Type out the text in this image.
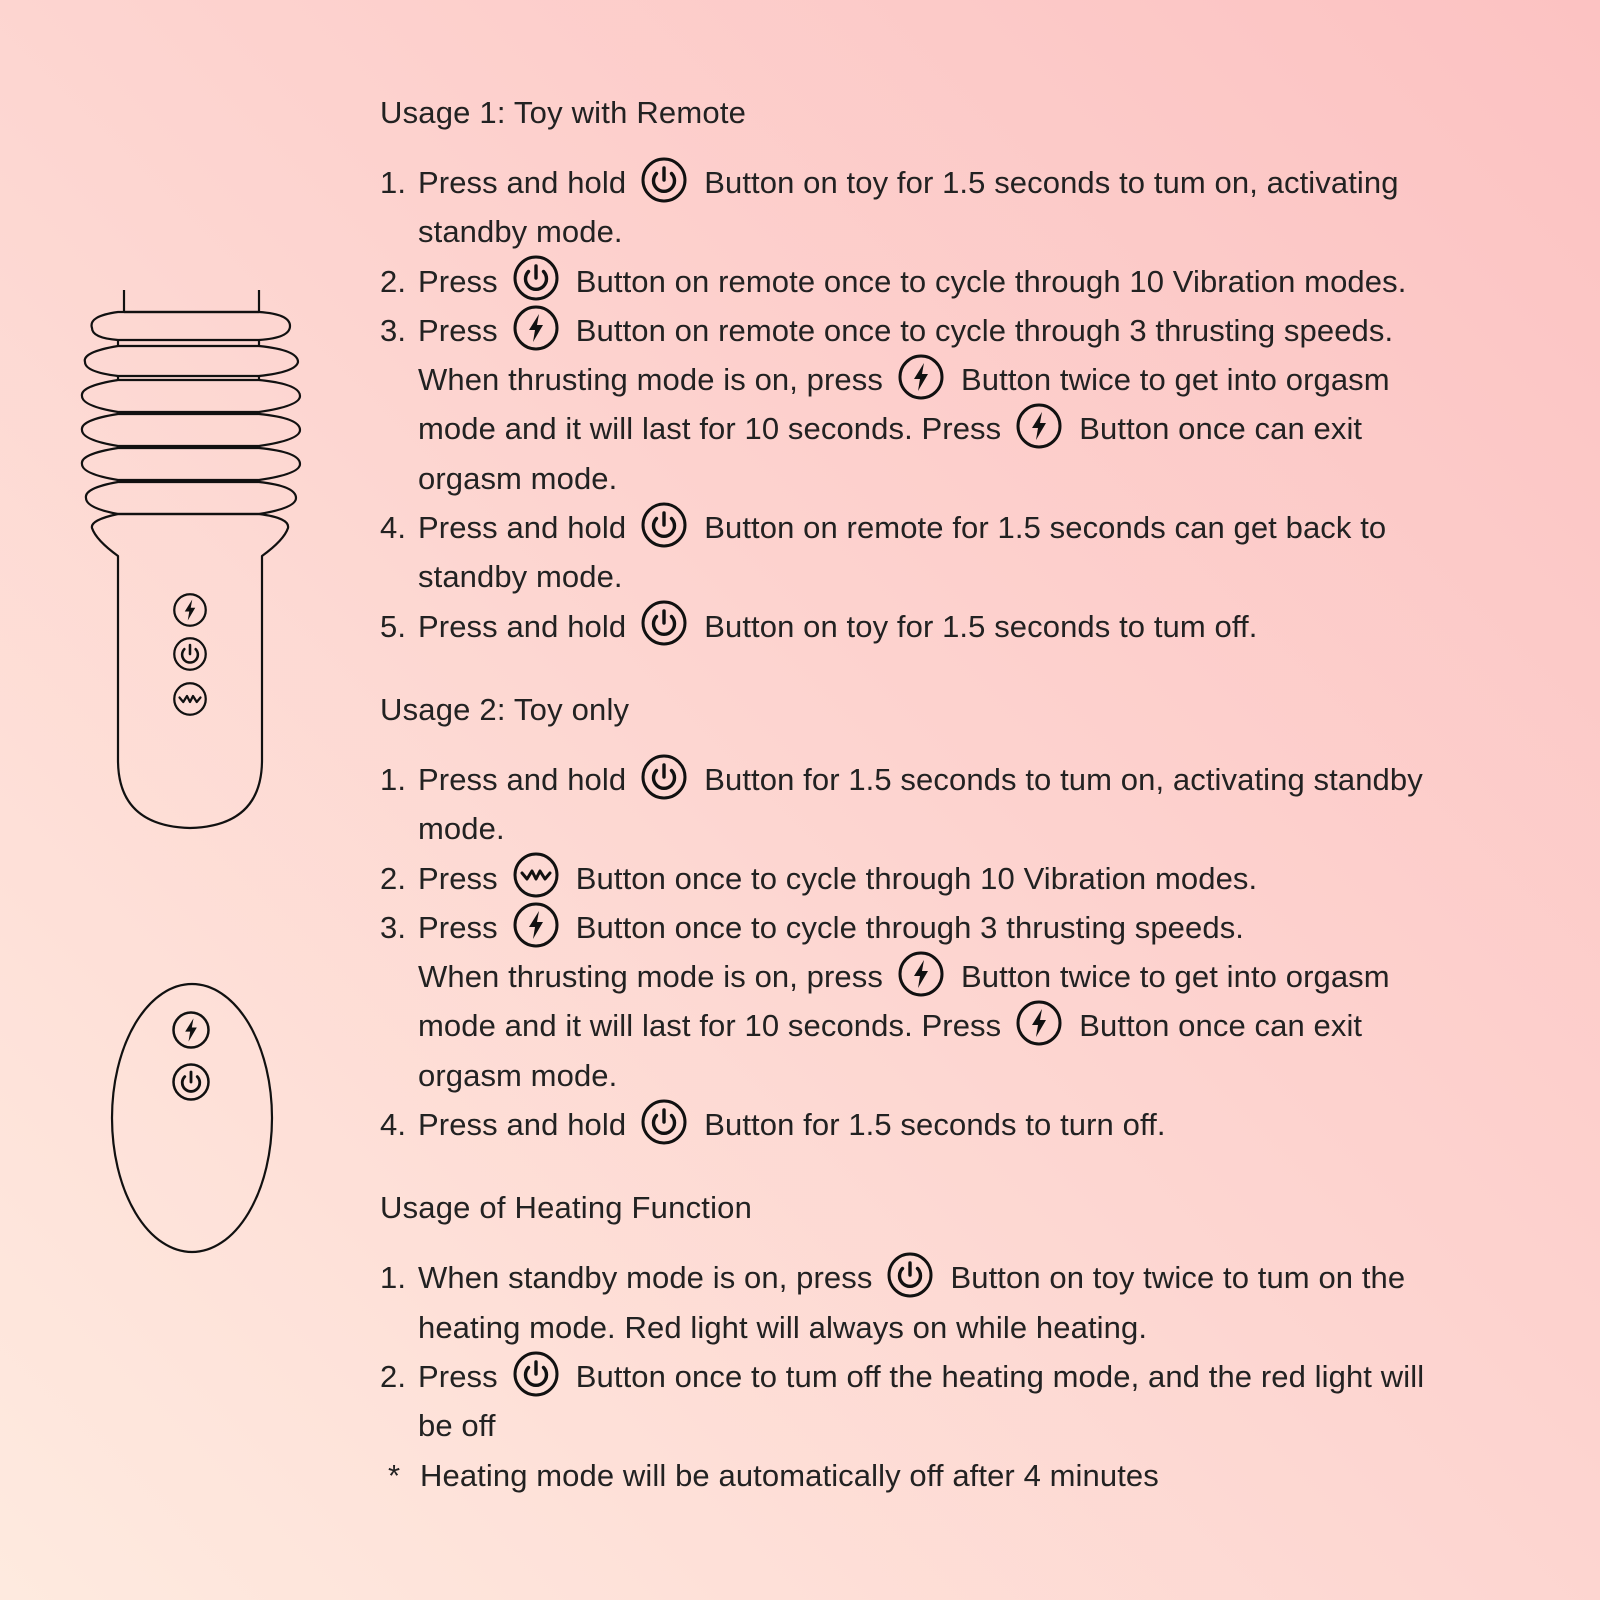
Usage 1: Toy with Remote
1. Press and hold	Button on toy for 1.5 seconds to tum on, activating
standby mode.
2. Press	Button on remote once to cycle through 10 Vibration modes.
3. Press	Button on remote once to cycle through 3 thrusting speeds.
When thrusting mode is on, press	Button twice to get into orgasm
mode and it will last for 10 seconds. Press	Button once can exit
orgasm mode.
4. Press and hold	Button on remote for 1.5 seconds can get back to
standby mode.
5. Press and hold	Button on toy for 1.5 seconds to tum off.
Usage 2: Toy only
1. Press and hold	Button for 1.5 seconds to tum on, activating standby
mode.
2. Press	Button once to cycle through 10 Vibration modes.
3. Press	Button once to cycle through 3 thrusting speeds.
When thrusting mode is on, press	Button twice to get into orgasm
mode and it will last for 10 seconds. Press	Button once can exit
orgasm mode.
4. Press and hold	Button for 1.5 seconds to turn off.
Usage of Heating Function
1. When standby mode is on, press	Button on toy twice to tum on the
heating mode. Red light will always on while heating.
2. Press	Button once to tum off the heating mode, and the red light will
be off
* Heating mode will be automatically off after 4 minutes
